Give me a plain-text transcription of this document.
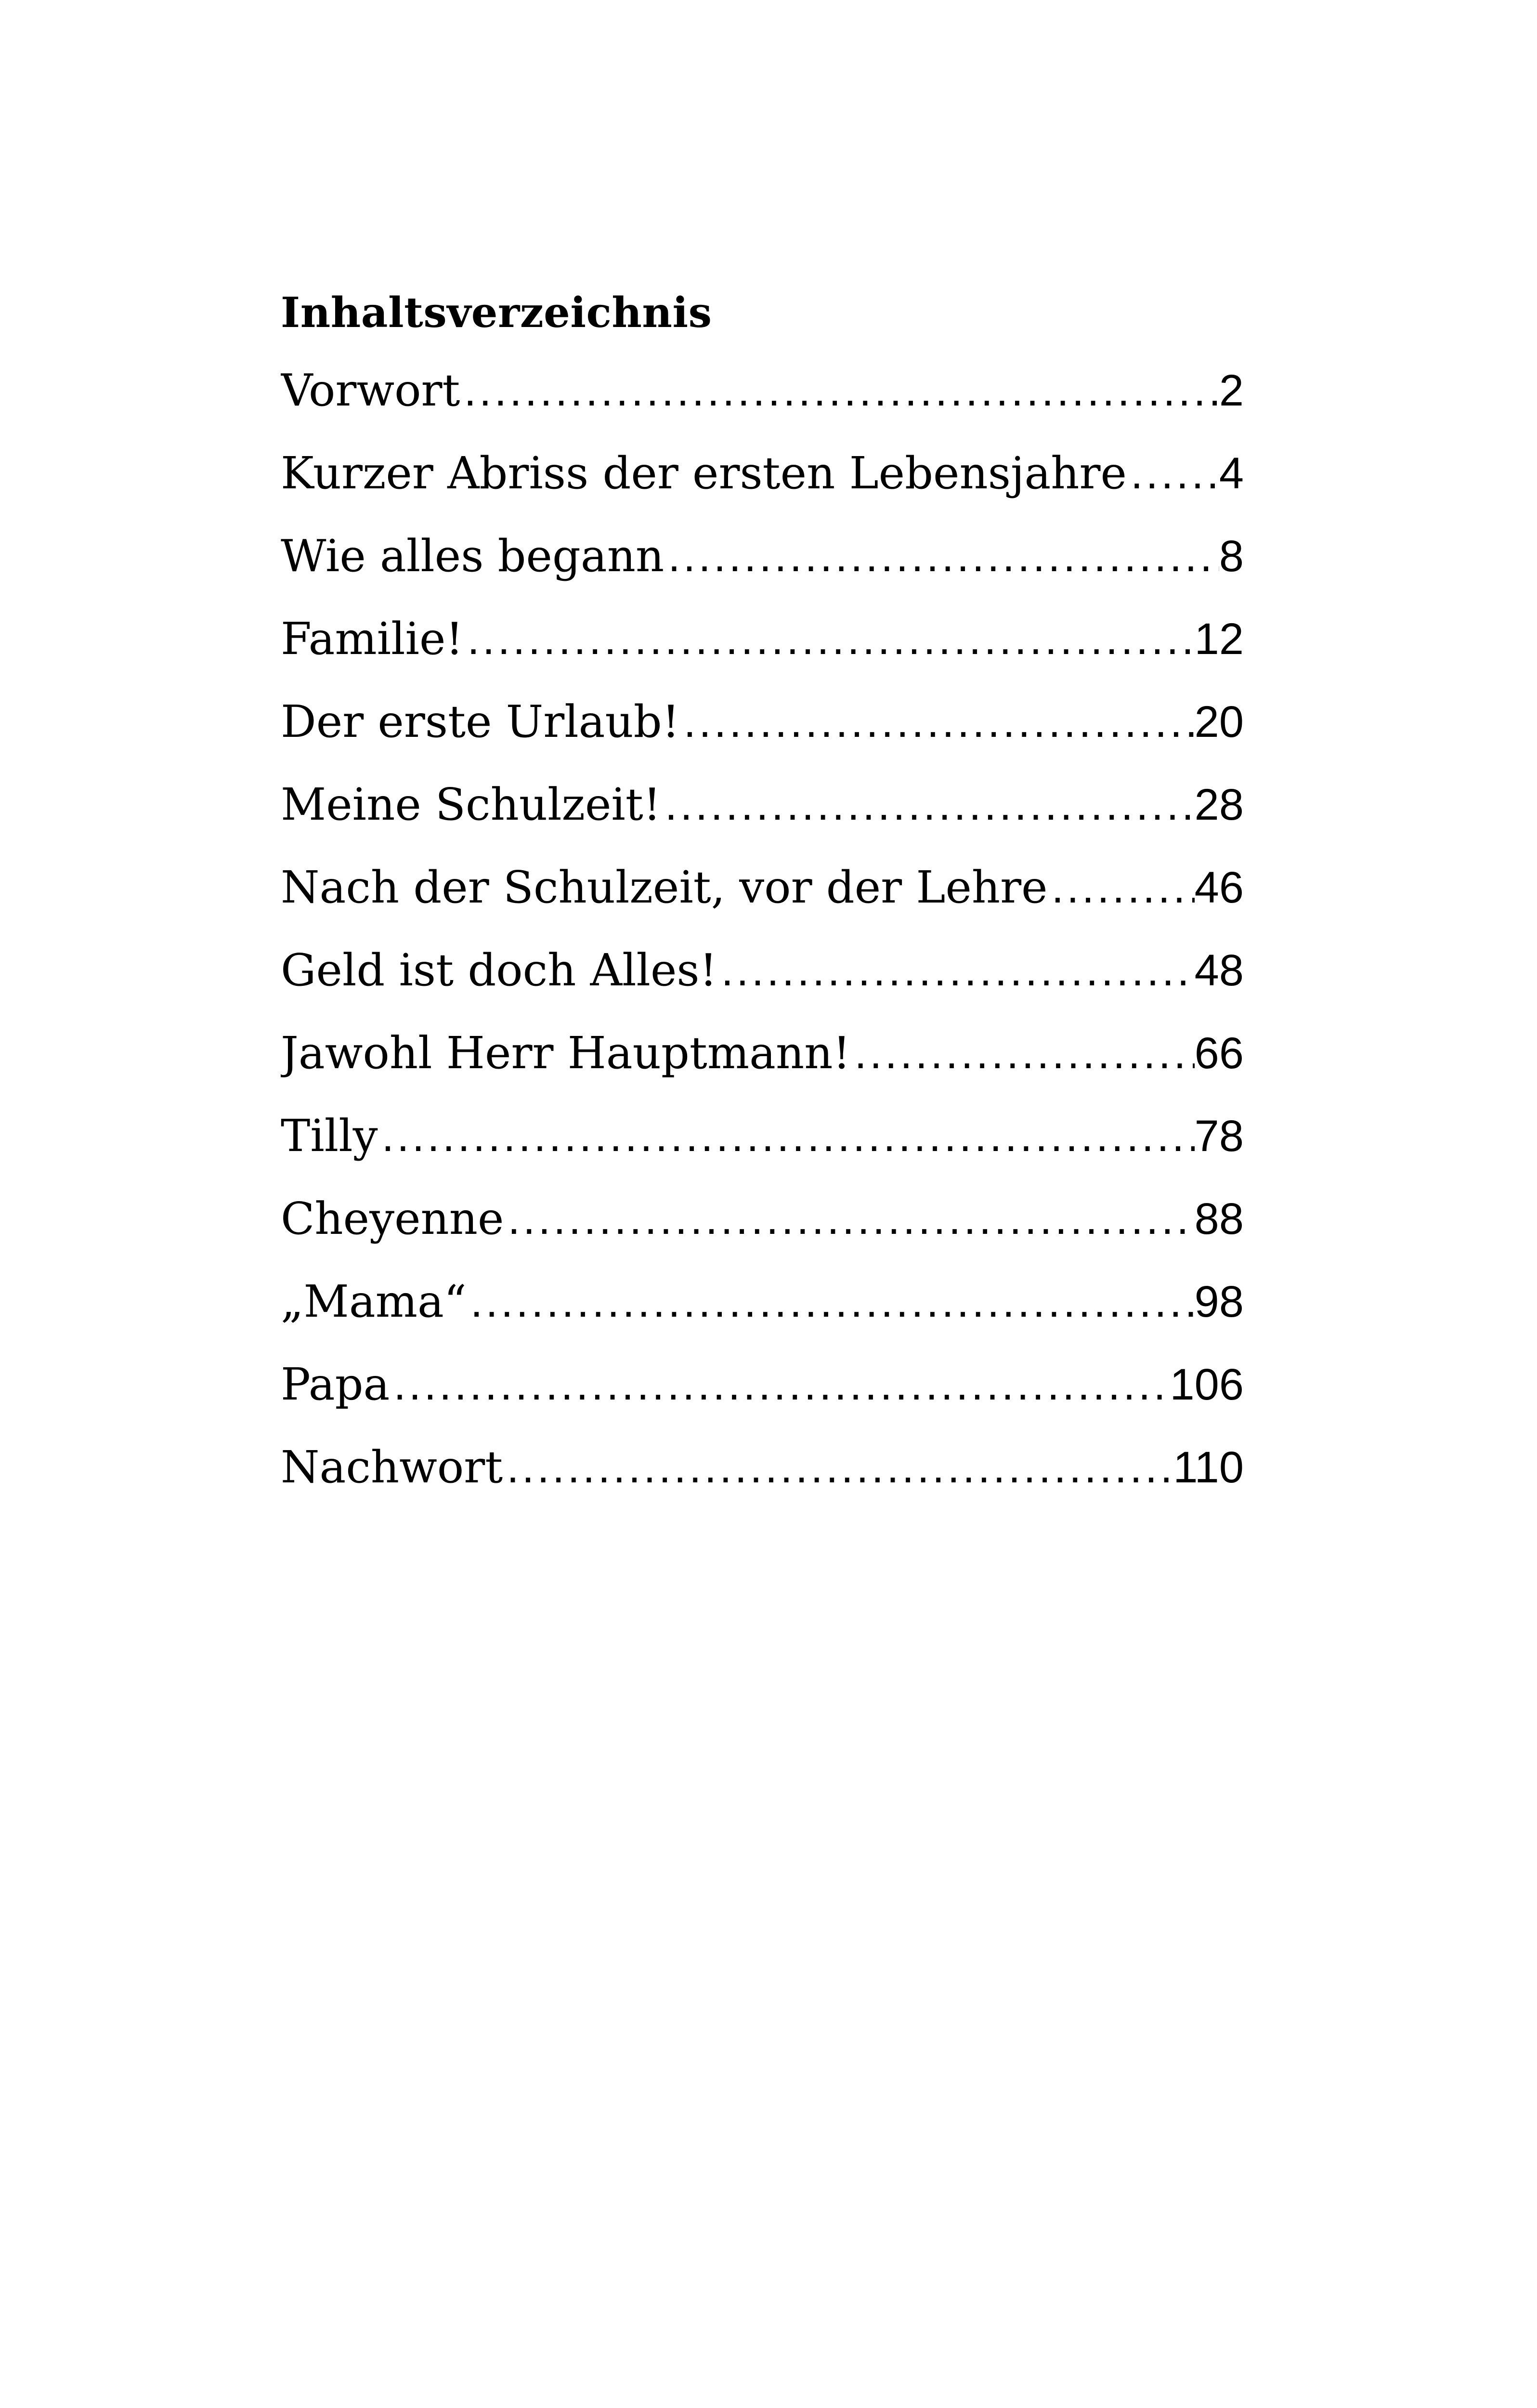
Inhaltsverzeichnis
Vorwort .....	2
Kurzer Abriss der ersten Lebensjahre ..... 4
Wie alles begann .....	8
Familie! .....	12
Der erste Urlaub! .....	20
Meine Schulzeit! .....	28
Nach der Schulzeit, vor der Lehre .....	46
Geld ist doch Alles! .....	48
Jawohl Herr Hauptmann! .....	66
Tilly .....	78
Cheyenne .....	88
„Mama“ .....	98
Papa .....	106
Nachwort .....	110
